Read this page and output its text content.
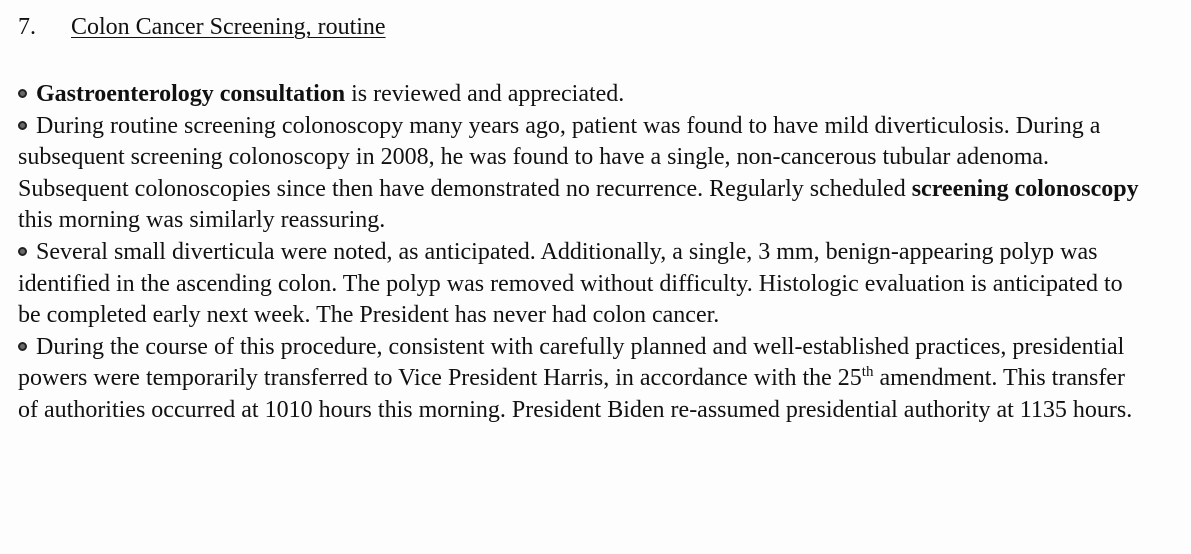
7. Colon Cancer Screening, routine

Gastroenterology consultation is reviewed and appreciated.

During routine screening colonoscopy many years ago, patient was found to have mild diverticulosis. During a subsequent screening colonoscopy in 2008, he was found to have a single, non-cancerous tubular adenoma. Subsequent colonoscopies since then have demonstrated no recurrence. Regularly scheduled screening colonoscopy this morning was similarly reassuring.

Several small diverticula were noted, as anticipated. Additionally, a single, 3 mm, benign-appearing polyp was identified in the ascending colon. The polyp was removed without difficulty. Histologic evaluation is anticipated to be completed early next week. The President has never had colon cancer.

During the course of this procedure, consistent with carefully planned and well-established practices, presidential powers were temporarily transferred to Vice President Harris, in accordance with the 25th amendment. This transfer of authorities occurred at 1010 hours this morning. President Biden re-assumed presidential authority at 1135 hours.
